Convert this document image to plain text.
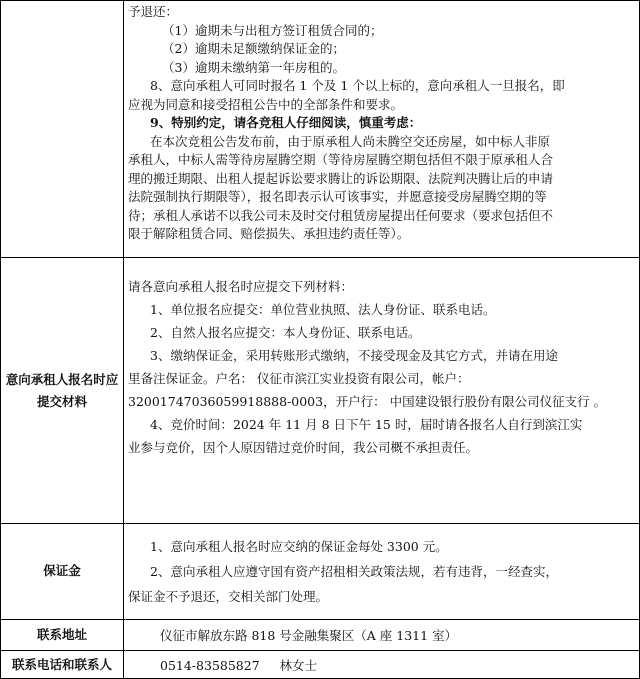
予退还：
（1）逾期未与出租方签订租赁合同的；
（2）逾期未足额缴纳保证金的；
（3）逾期未缴纳第一年房租的。
8、意向承租人可同时报名 1 个及 1 个以上标的，意向承租人一旦报名，即
应视为同意和接受招租公告中的全部条件和要求。
9、特别约定，请各竞租人仔细阅读，慎重考虑：
在本次竞租公告发布前，由于原承租人尚未腾空交还房屋，如中标人非原
承租人，中标人需等待房屋腾空期（等待房屋腾空期包括但不限于原承租人合
理的搬迁期限、出租人提起诉讼要求腾让的诉讼期限、法院判决腾让后的申请
法院强制执行期限等），报名即表示认可该事实，并愿意接受房屋腾空期的等
待；承租人承诺不以我公司未及时交付租赁房屋提出任何要求（要求包括但不
限于解除租赁合同、赔偿损失、承担违约责任等）。
意向承租人报名时应提交材料
请各意向承租人报名时应提交下列材料：
1、单位报名应提交：单位营业执照、法人身份证、联系电话。
2、自然人报名应提交：本人身份证、联系电话。
3、缴纳保证金，采用转账形式缴纳，不接受现金及其它方式，并请在用途
里备注保证金。户名： 仪征市滨江实业投资有限公司，帐户：
32001747036059918888-0003，开户行： 中国建设银行股份有限公司仪征支行 。
4、竞价时间：2024 年 11 月 8 日下午 15 时，届时请各报名人自行到滨江实
业参与竞价，因个人原因错过竞价时间，我公司概不承担责任。
保证金
1、意向承租人报名时应交纳的保证金每处 3300 元。
2、意向承租人应遵守国有资产招租相关政策法规，若有违背，一经查实，
保证金不予退还，交相关部门处理。
联系地址	仪征市解放东路 818 号金融集聚区（A 座 1311 室）
联系电话和联系人	0514-83585827     林女士
